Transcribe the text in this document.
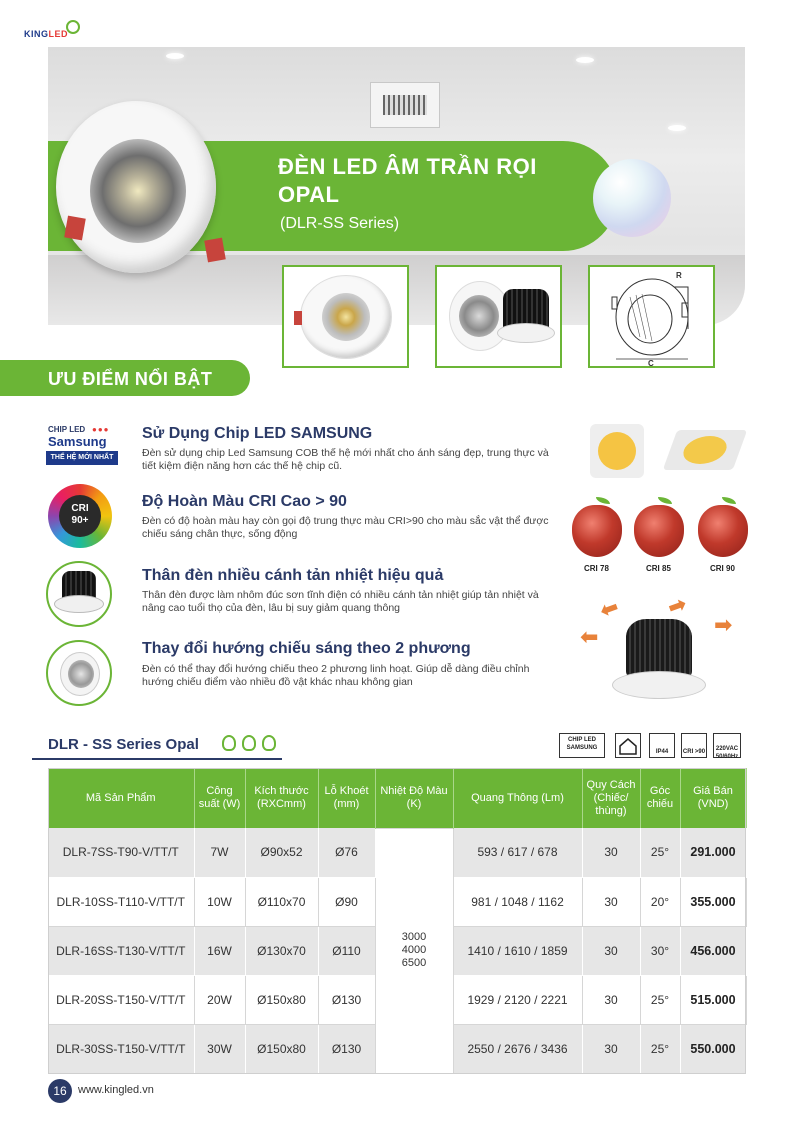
KINGLED
ĐÈN LED ÂM TRẦN RỌI
OPAL
(DLR-SS Series)
R
C
ƯU ĐIỂM NỔI BẬT
CHIP LED ●●●
Samsung
THẾ HỆ MỚI NHẤT
Sử Dụng Chip LED SAMSUNG
Đèn sử dụng chip Led Samsung COB thế hệ mới nhất cho ánh sáng đẹp, trung thực và tiết kiệm điện năng hơn các thế hệ chip cũ.
CRI
90+
Độ Hoàn Màu CRI Cao > 90
Đèn có độ hoàn màu hay còn gọi độ trung thực màu CRI>90 cho màu sắc vật thể được chiếu sáng chân thực, sống động
CRI 78	CRI 85	CRI 90
Thân đèn nhiều cánh tản nhiệt hiệu quả
Thân đèn được làm nhôm đúc sơn tĩnh điện có nhiều cánh tản nhiệt giúp tản nhiệt và nâng cao tuổi thọ của đèn, lâu bị suy giảm quang thông
Thay đổi hướng chiếu sáng theo 2 phương
Đèn có thể thay đổi hướng chiếu theo 2 phương linh hoạt. Giúp dễ dàng điều chỉnh hướng chiếu điểm vào nhiều đồ vật khác nhau không gian
⬅ ➡
⬅	➡
DLR - SS Series Opal	CHIP LED SAMSUNG
IP44	CRI >90	220VAC 50/60Hz
Mã Sản Phẩm	Công suất (W)	Kích thước (RXCmm)	Lỗ Khoét (mm)	Nhiệt Độ Màu (K)	Quang Thông (Lm)	Quy Cách (Chiếc/ thùng)	Góc chiếu	Giá Bán (VND)
DLR-7SS-T90-V/TT/T	7W	Ø90x52	Ø76	3000 4000 6500	593 / 617 / 678	30	25°	291.000
DLR-10SS-T110-V/TT/T	10W	Ø110x70	Ø90		981 / 1048 / 1162	30	20°	355.000
DLR-16SS-T130-V/TT/T	16W	Ø130x70	Ø110		1410 / 1610 / 1859	30	30°	456.000
DLR-20SS-T150-V/TT/T	20W	Ø150x80	Ø130		1929 / 2120 / 2221	30	25°	515.000
DLR-30SS-T150-V/TT/T	30W	Ø150x80	Ø130		2550 / 2676 / 3436	30	25°	550.000
16	www.kingled.vn
